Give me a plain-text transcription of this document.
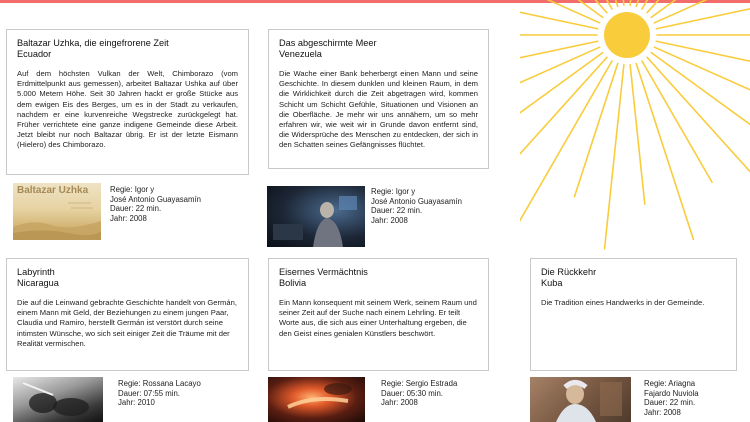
Baltazar Uzhka, die eingefrorene Zeit
Ecuador

Auf dem höchsten Vulkan der Welt, Chimborazo (vom Erdmittelpunkt aus gemessen), arbeitet Baltazar Ushka auf über 5.000 Metern Höhe. Seit 30 Jahren hackt er große Stücke aus dem ewigen Eis des Berges, um es in der Stadt zu verkaufen, nachdem er eine kurvenreiche Wegstrecke zurückgelegt hat. Früher verrichtete eine ganze indigene Gemeinde diese Arbeit. Jetzt bleibt nur noch Baltazar übrig. Er ist der letzte Eismann (Hielero) des Chimborazo.

Baltazar Uzhka	Regie: Igor y
José Antonio Guayasamín
Dauer: 22 min.
Jahr: 2008
Das abgeschirmte Meer
Venezuela

Die Wache einer Bank beherbergt einen Mann und seine Geschichte. In diesem dunklen und kleinen Raum, in dem die Wirklichkeit durch die Zeit abgetragen wird, kommen Schicht um Schicht Gefühle, Situationen und Visionen an die Oberfläche. Je mehr wir uns annähern, um so mehr erfahren wir, wie weit wir in Grunde davon entfernt sind, die Widersprüche des Menschen zu entdecken, der sich in den Schatten seines Gefängnisses flüchtet.

Regie: Igor y
José Antonio Guayasamín
Dauer: 22 min.
Jahr: 2008
Labyrinth
Nicaragua

Die auf die Leinwand gebrachte Geschichte handelt von Germán, einem Mann mit Geld, der Beziehungen zu einem jungen Paar, Claudia und Ramiro, herstellt Germán ist verstört durch seine intimsten Wünsche, wo sich seit einiger Zeit die Träume mit der Realität vermischen.

Regie: Rossana Lacayo
Dauer: 07:55 min.
Jahr: 2010
Eisernes Vermächtnis
Bolivia

Ein Mann konsequent mit seinem Werk, seinem Raum und seiner Zeit auf der Suche nach einem Lehrling. Er teilt Worte aus, die sich aus einer Unterhaltung ergeben, die den Geist eines genialen Künstlers beschwört.

Regie: Sergio Estrada
Dauer: 05:30 min.
Jahr: 2008
Die Rückkehr
Kuba

Die Tradition eines Handwerks in der Gemeinde.

Regie: Ariagna
Fajardo Nuviola
Dauer: 22 min.
Jahr: 2008
